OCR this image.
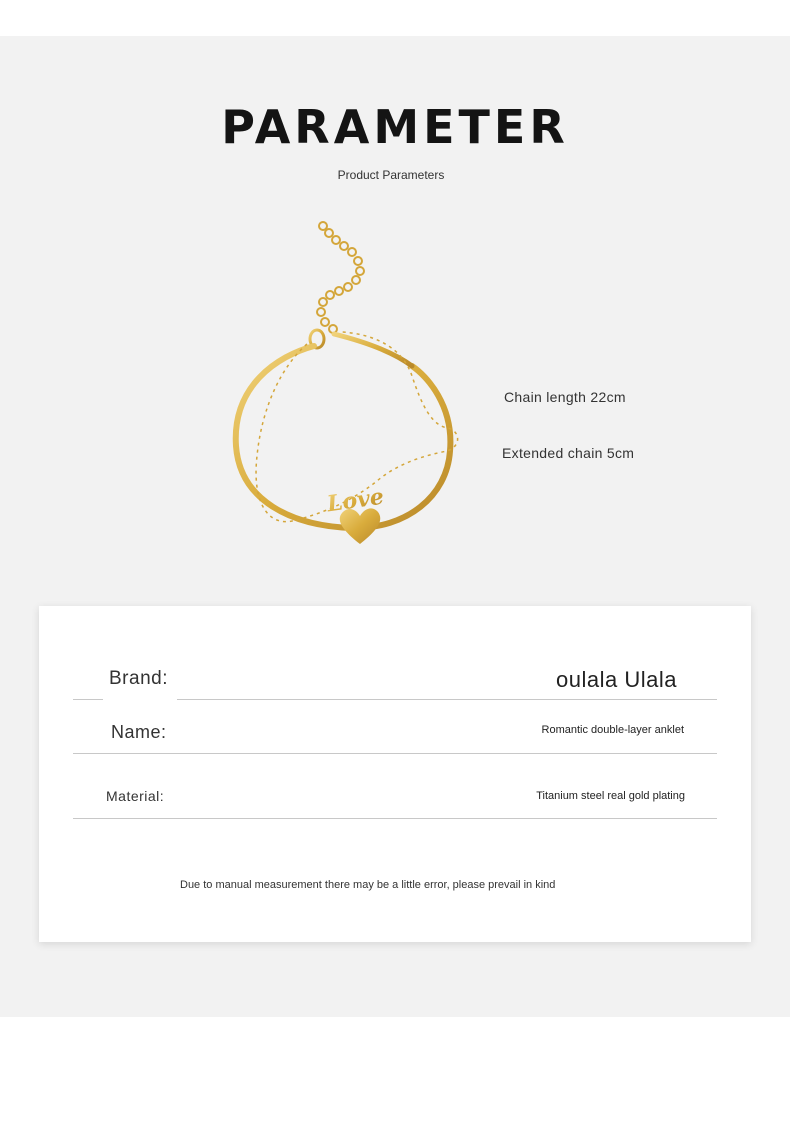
PARAMETER
Product Parameters
Love
Chain length 22cm
Extended chain 5cm
Brand:	oulala Ulala
Name:	Romantic double-layer anklet
Material:	Titanium steel real gold plating
Due to manual measurement there may be a little error, please prevail in kind
